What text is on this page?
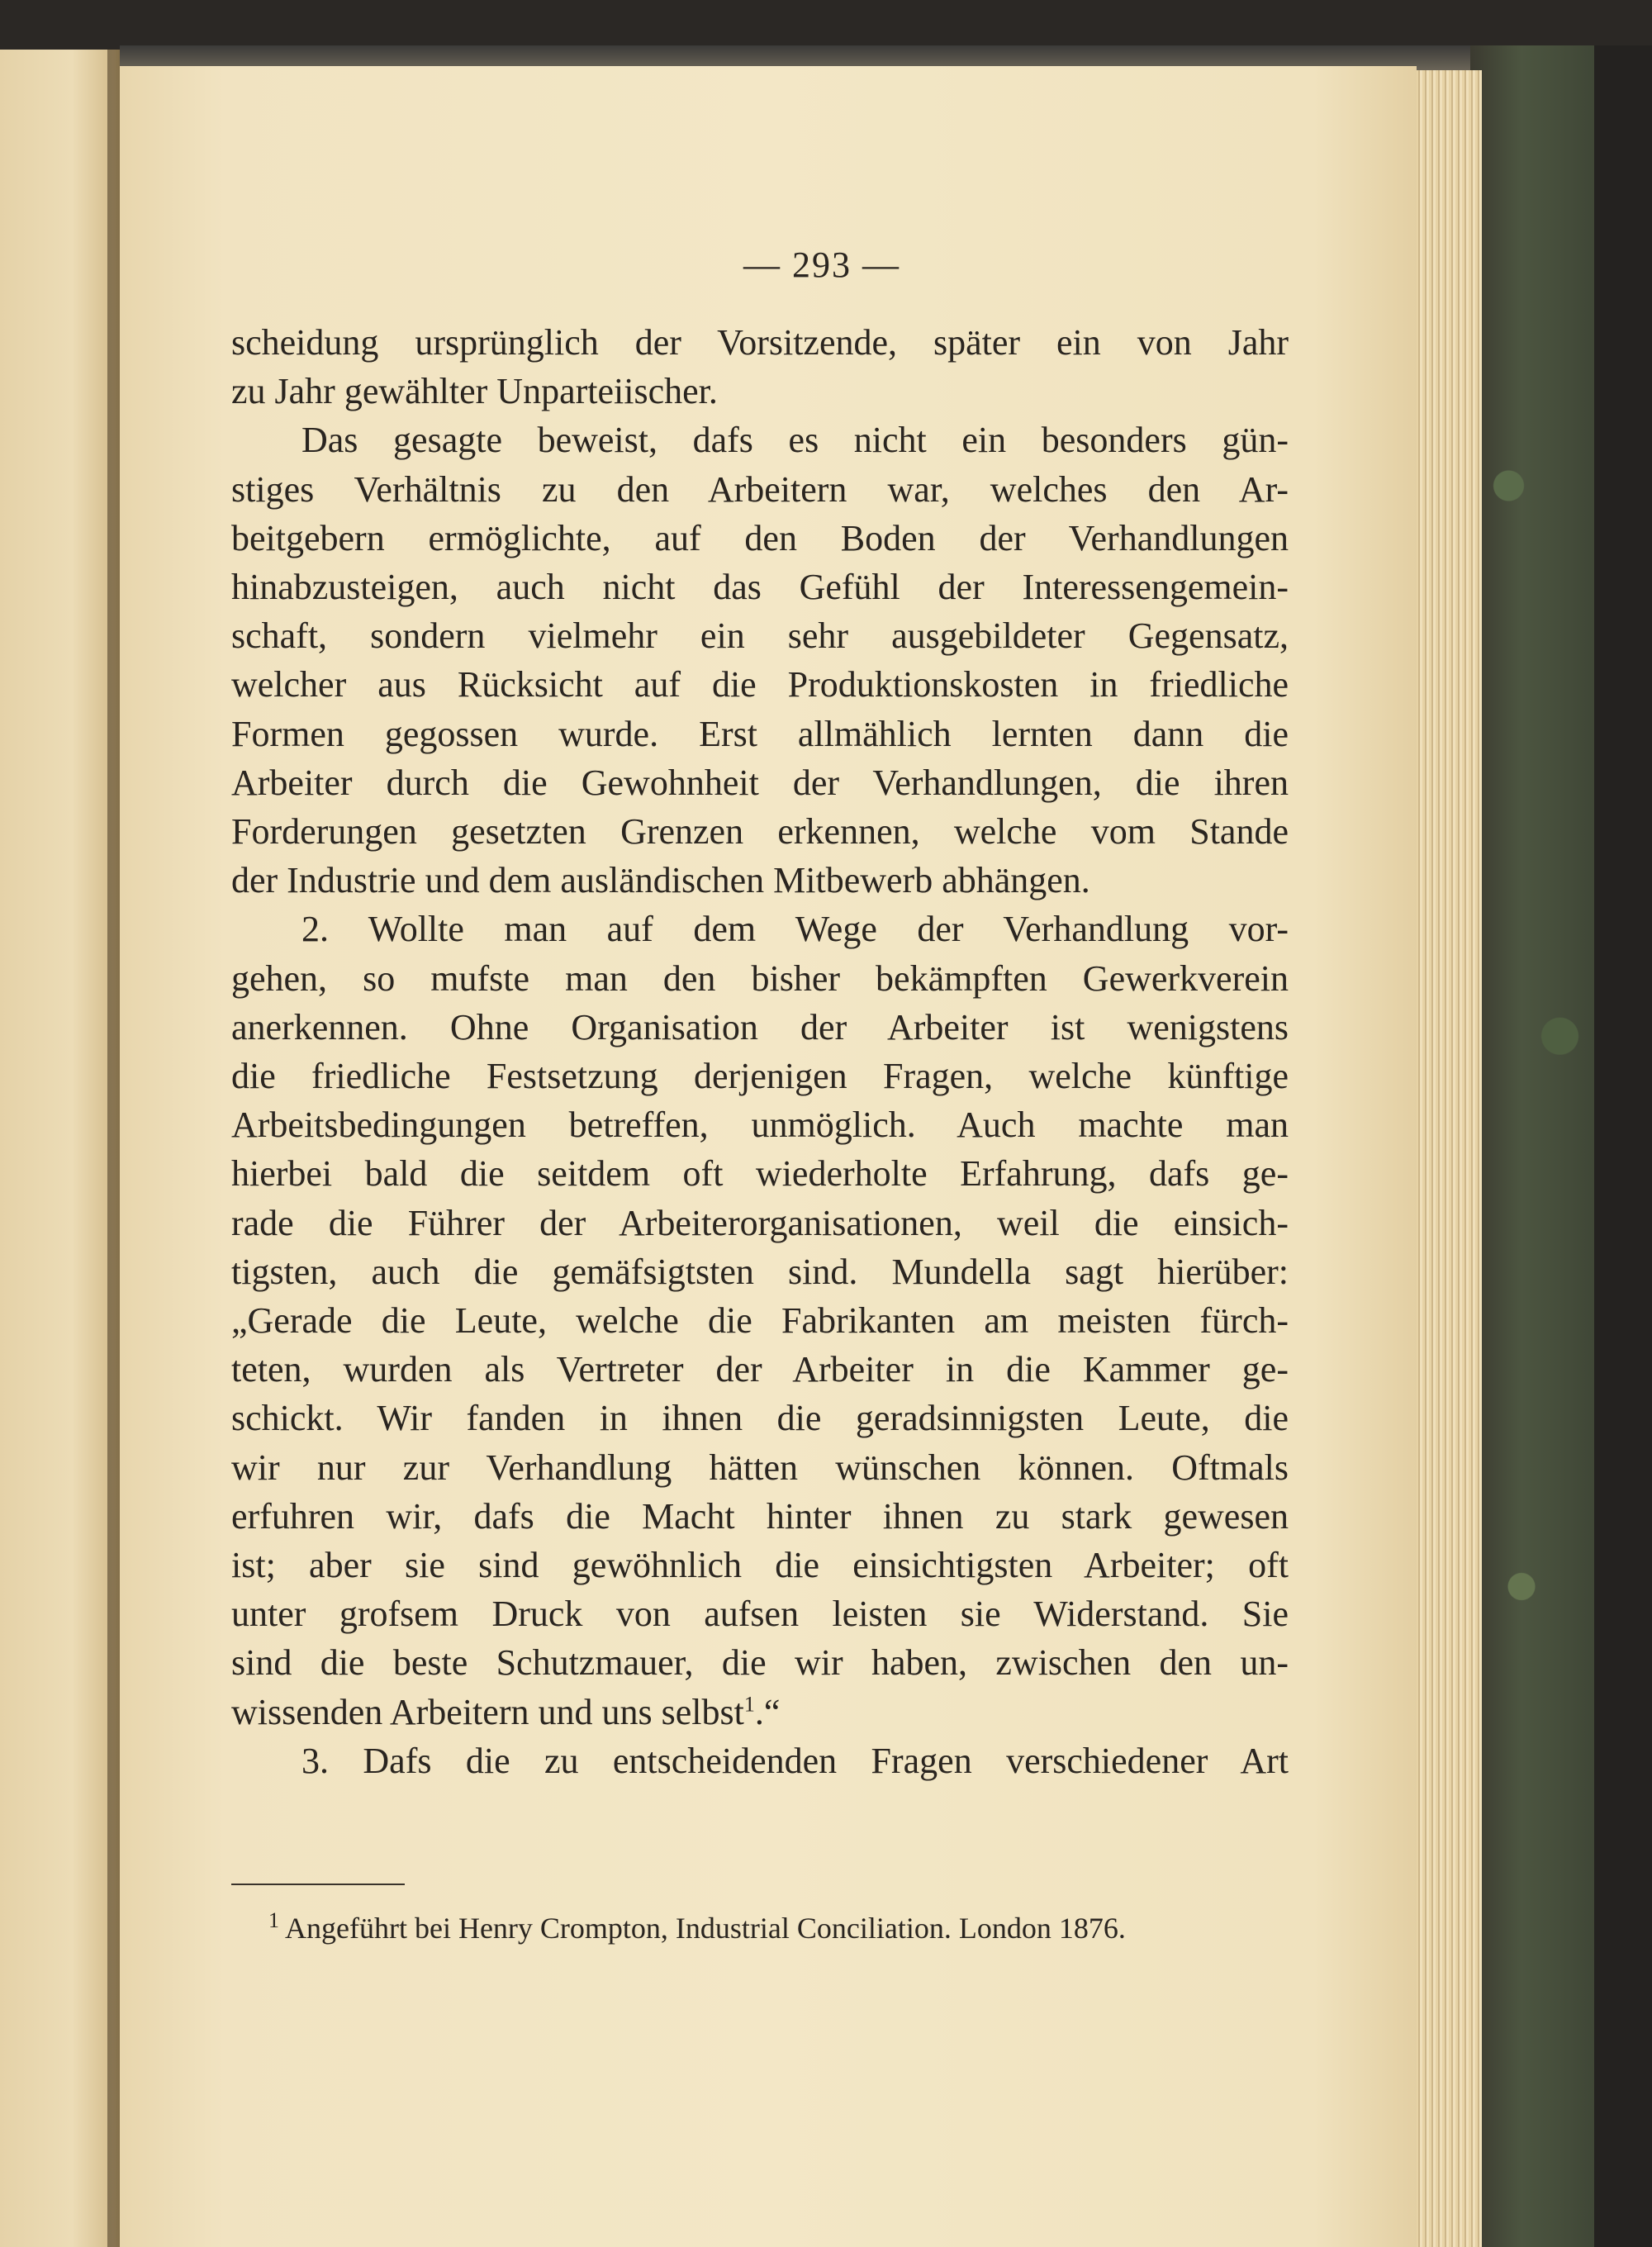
— 293 —
scheidung ursprünglich der Vorsitzende, später ein von Jahr
zu Jahr gewählter Unparteiischer.
Das gesagte beweist, dafs es nicht ein besonders gün-
stiges Verhältnis zu den Arbeitern war, welches den Ar-
beitgebern ermöglichte, auf den Boden der Verhandlungen
hinabzusteigen, auch nicht das Gefühl der Interessengemein-
schaft, sondern vielmehr ein sehr ausgebildeter Gegensatz,
welcher aus Rücksicht auf die Produktionskosten in friedliche
Formen gegossen wurde. Erst allmählich lernten dann die
Arbeiter durch die Gewohnheit der Verhandlungen, die ihren
Forderungen gesetzten Grenzen erkennen, welche vom Stande
der Industrie und dem ausländischen Mitbewerb abhängen.
2. Wollte man auf dem Wege der Verhandlung vor-
gehen, so mufste man den bisher bekämpften Gewerkverein
anerkennen. Ohne Organisation der Arbeiter ist wenigstens
die friedliche Festsetzung derjenigen Fragen, welche künftige
Arbeitsbedingungen betreffen, unmöglich. Auch machte man
hierbei bald die seitdem oft wiederholte Erfahrung, dafs ge-
rade die Führer der Arbeiterorganisationen, weil die einsich-
tigsten, auch die gemäfsigtsten sind. Mundella sagt hierüber:
„Gerade die Leute, welche die Fabrikanten am meisten fürch-
teten, wurden als Vertreter der Arbeiter in die Kammer ge-
schickt. Wir fanden in ihnen die geradsinnigsten Leute, die
wir nur zur Verhandlung hätten wünschen können. Oftmals
erfuhren wir, dafs die Macht hinter ihnen zu stark gewesen
ist; aber sie sind gewöhnlich die einsichtigsten Arbeiter; oft
unter grofsem Druck von aufsen leisten sie Widerstand. Sie
sind die beste Schutzmauer, die wir haben, zwischen den un-
wissenden Arbeitern und uns selbst$^1$.“
3. Dafs die zu entscheidenden Fragen verschiedener Art
$^1$ Angeführt bei Henry Crompton, Industrial Conciliation. London 1876.
